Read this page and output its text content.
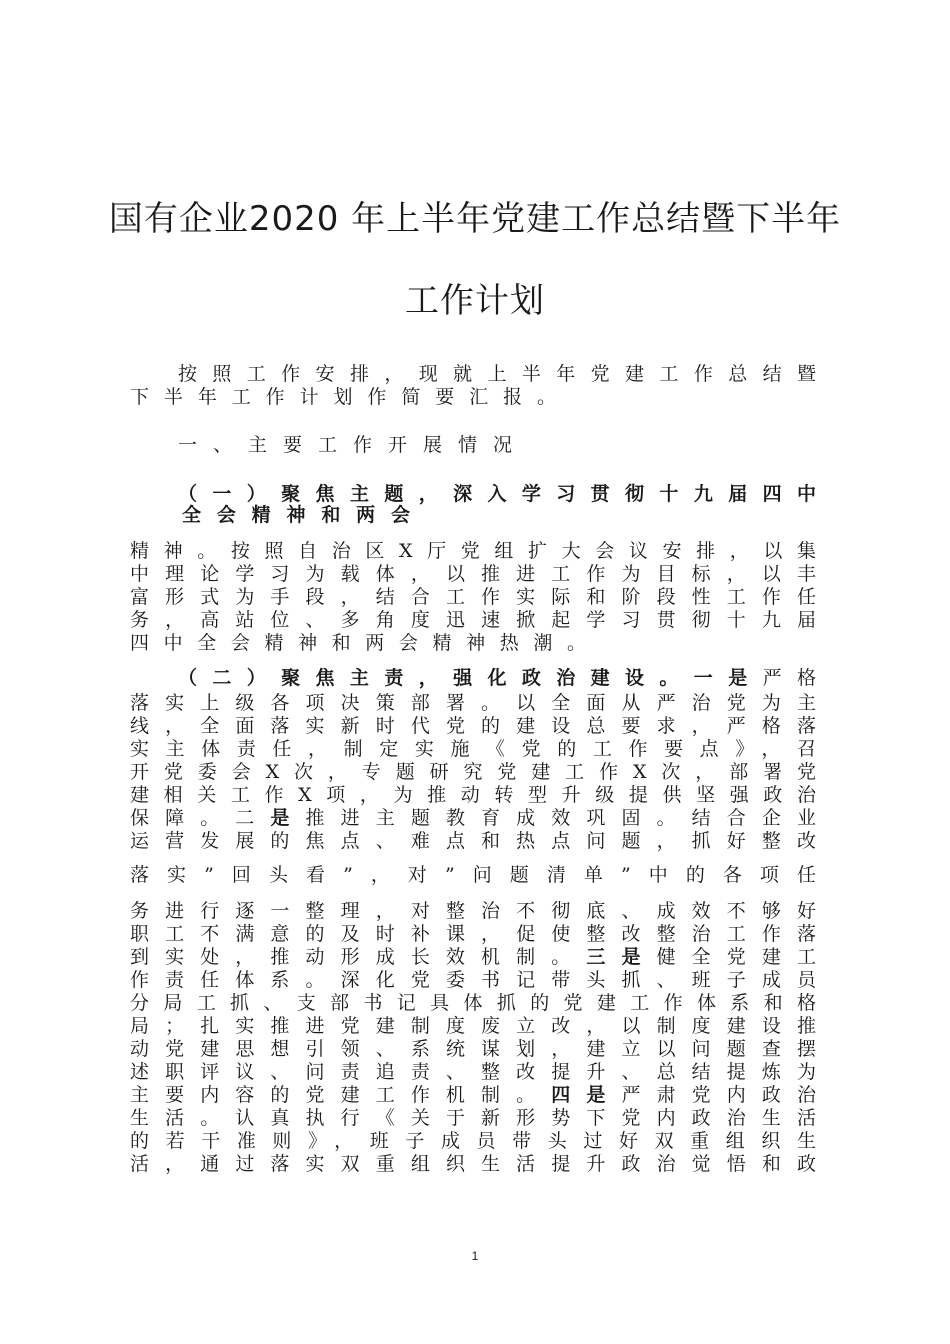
国有企业2020 年上半年党建工作总结暨下半年
工作计划
按照工作安排，现就上半年党建工作总结暨
下半年工作计划作简要汇报。
一、主要工作开展情况
（一）聚焦主题，深入学习贯彻十九届四中
全会精神和两会
精神。按照自治区X厅党组扩大会议安排，以集
中理论学习为载体，以推进工作为目标，以丰
富形式为手段，结合工作实际和阶段性工作任
务，高站位、多角度迅速掀起学习贯彻十九届
四中全会精神和两会精神热潮。
（二）聚焦主责，强化政治建设。一是严格
落实上级各项决策部署。以全面从严治党为主
线，全面落实新时代党的建设总要求，严格落
实主体责任，制定实施《党的工作要点》，召
开党委会X次，专题研究党建工作X次，部署党
建相关工作X项，为推动转型升级提供坚强政治
保障。二是推进主题教育成效巩固。结合企业
运营发展的焦点、难点和热点问题，抓好整改
落实”回头看”，对”问题清单”中的各项任
务进行逐一整理，对整治不彻底、成效不够好
职工不满意的及时补课，促使整改整治工作落
到实处，推动形成长效机制。三是健全党建工
作责任体系。深化党委书记带头抓、班子成员
分局工抓、支部书记具体抓的党建工作体系和格
局；扎实推进党建制度废立改，以制度建设推
动党建思想引领、系统谋划，建立以问题查摆
述职评议、问责追责、整改提升、总结提炼为
主要内容的党建工作机制。四是严肃党内政治
生活。认真执行《关于新形势下党内政治生活
的若干准则》，班子成员带头过好双重组织生
活，通过落实双重组织生活提升政治觉悟和政
1
